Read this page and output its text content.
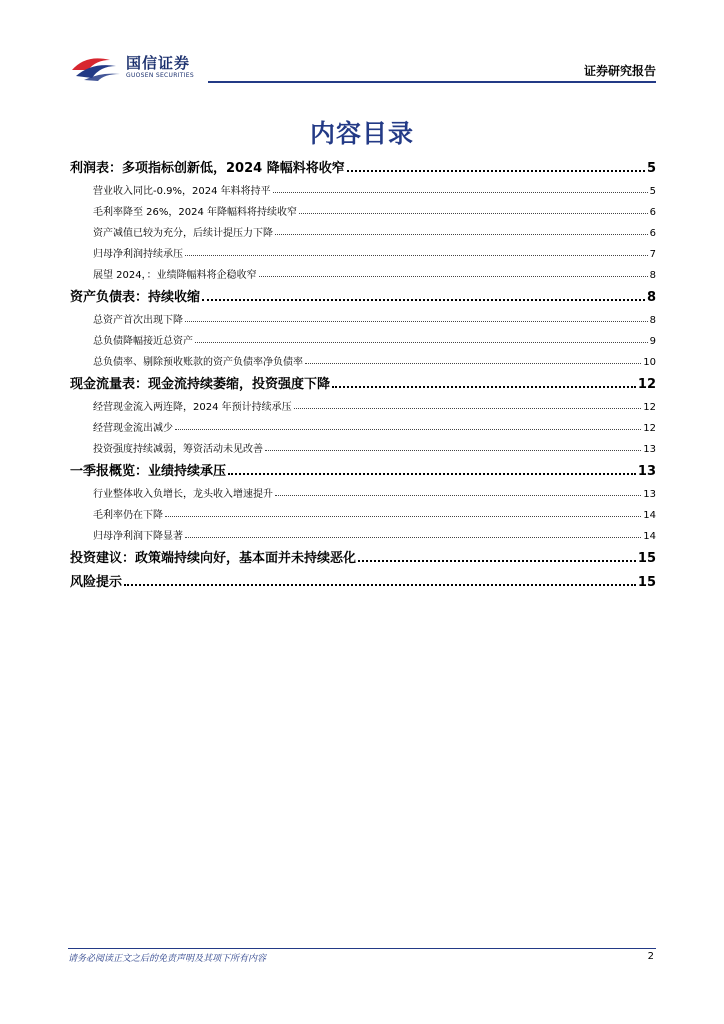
国信证券
GUOSEN SECURITIES	证券研究报告
内容目录
利润表：多项指标创新低，2024 降幅料将收窄	5
营业收入同比-0.9%，2024 年料将持平	5
毛利率降至 26%，2024 年降幅料将持续收窄	6
资产减值已较为充分，后续计提压力下降	6
归母净利润持续承压	7
展望 2024，：业绩降幅料将企稳收窄	8
资产负债表：持续收缩	8
总资产首次出现下降	8
总负债降幅接近总资产	9
总负债率、剔除预收账款的资产负债率净负债率	10
现金流量表：现金流持续萎缩，投资强度下降	12
经营现金流入两连降，2024 年预计持续承压	12
经营现金流出减少	12
投资强度持续减弱，筹资活动未见改善	13
一季报概览：业绩持续承压	13
行业整体收入负增长，龙头收入增速提升	13
毛利率仍在下降	14
归母净利润下降显著	14
投资建议：政策端持续向好，基本面并未持续恶化	15
风险提示	15
请务必阅读正文之后的免责声明及其项下所有内容	2
